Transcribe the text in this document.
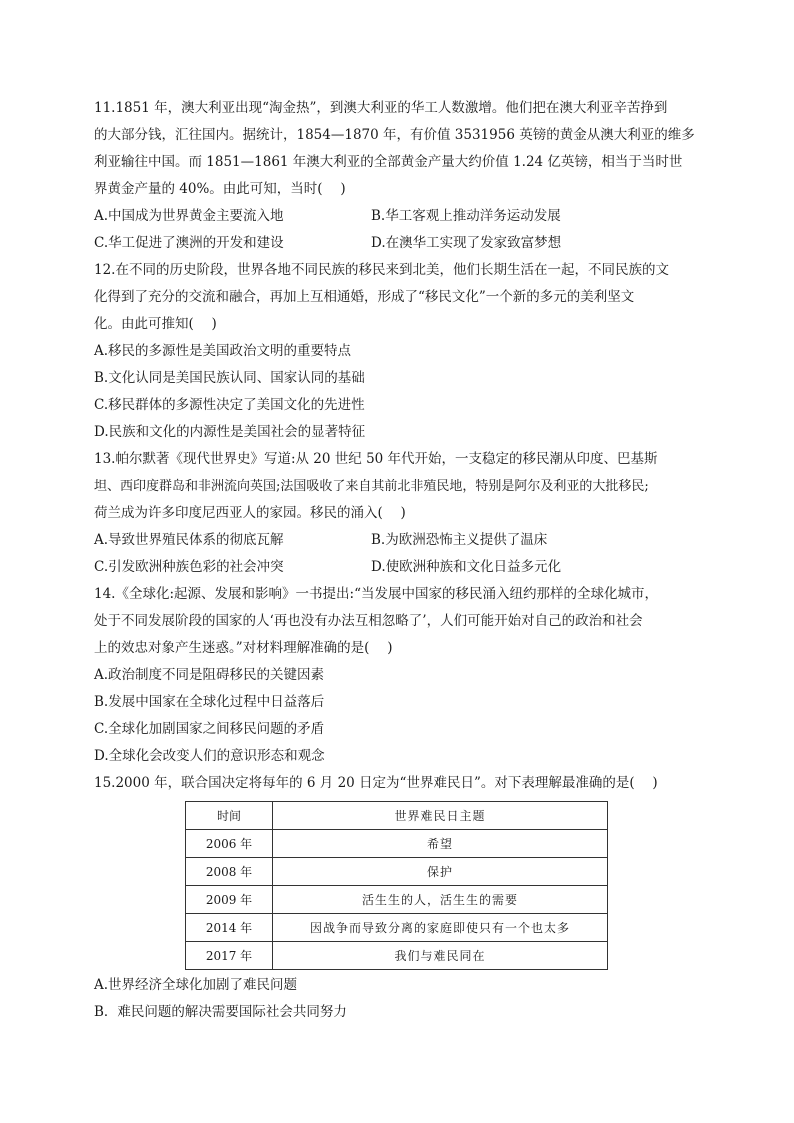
11.1851 年，澳大利亚出现“淘金热”，到澳大利亚的华工人数激增。他们把在澳大利亚辛苦挣到
的大部分钱，汇往国内。据统计，1854—1870 年，有价值 3531956 英镑的黄金从澳大利亚的维多
利亚输往中国。而 1851—1861 年澳大利亚的全部黄金产量大约价值 1.24 亿英镑，相当于当时世
界黄金产量的 40%。由此可知，当时(　 )
A.中国成为世界黄金主要流入地	B.华工客观上推动洋务运动发展
C.华工促进了澳洲的开发和建设	D.在澳华工实现了发家致富梦想
12.在不同的历史阶段，世界各地不同民族的移民来到北美，他们长期生活在一起，不同民族的文
化得到了充分的交流和融合，再加上互相通婚，形成了“移民文化”一个新的多元的美利坚文
化。由此可推知(　 )
A.移民的多源性是美国政治文明的重要特点
B.文化认同是美国民族认同、国家认同的基础
C.移民群体的多源性决定了美国文化的先进性
D.民族和文化的内源性是美国社会的显著特征
13.帕尔默著《现代世界史》写道:从 20 世纪 50 年代开始，一支稳定的移民潮从印度、巴基斯
坦、西印度群岛和非洲流向英国;法国吸收了来自其前北非殖民地，特别是阿尔及利亚的大批移民;
荷兰成为许多印度尼西亚人的家园。移民的涌入(　 )
A.导致世界殖民体系的彻底瓦解	B.为欧洲恐怖主义提供了温床
C.引发欧洲种族色彩的社会冲突	D.使欧洲种族和文化日益多元化
14.《全球化:起源、发展和影响》一书提出:“当发展中国家的移民涌入纽约那样的全球化城市，
处于不同发展阶段的国家的人‘再也没有办法互相忽略了’，人们可能开始对自己的政治和社会
上的效忠对象产生迷惑。”对材料理解准确的是(　 )
A.政治制度不同是阻碍移民的关键因素
B.发展中国家在全球化过程中日益落后
C.全球化加剧国家之间移民问题的矛盾
D.全球化会改变人们的意识形态和观念
15.2000 年，联合国决定将每年的 6 月 20 日定为“世界难民日”。对下表理解最准确的是(　 )
时间	世界难民日主题
2006 年	希望
2008 年	保护
2009 年	活生生的人，活生生的需要
2014 年	因战争而导致分离的家庭即使只有一个也太多
2017 年	我们与难民同在
A.世界经济全球化加剧了难民问题
B．难民问题的解决需要国际社会共同努力
